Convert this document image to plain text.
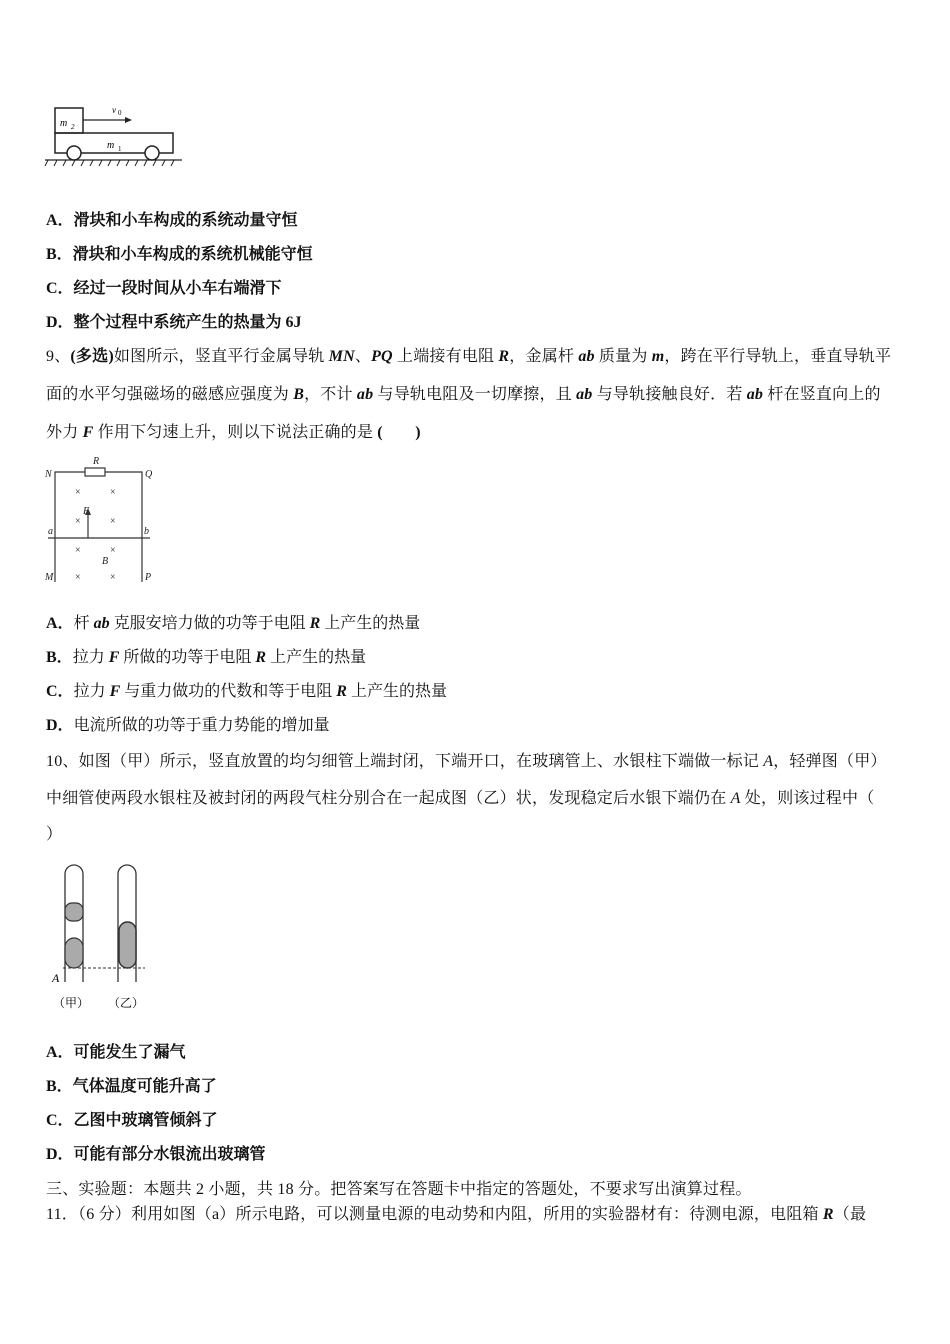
m 2
v 0
m 1
A．滑块和小车构成的系统动量守恒
B．滑块和小车构成的系统机械能守恒
C．经过一段时间从小车右端滑下
D．整个过程中系统产生的热量为 6J
9、(多选)如图所示，竖直平行金属导轨 MN、PQ 上端接有电阻 R，金属杆 ab 质量为 m，跨在平行导轨上，垂直导轨平
面的水平匀强磁场的磁感应强度为 B，不计 ab 与导轨电阻及一切摩擦，且 ab 与导轨接触良好．若 ab 杆在竖直向上的
外力 F 作用下匀速上升，则以下说法正确的是 (　　)
R
N	Q
F
a	b
B
M	P
×	×
×	×
×	×
×	×
A．杆 ab 克服安培力做的功等于电阻 R 上产生的热量
B．拉力 F 所做的功等于电阻 R 上产生的热量
C．拉力 F 与重力做功的代数和等于电阻 R 上产生的热量
D．电流所做的功等于重力势能的增加量
10、如图（甲）所示，竖直放置的均匀细管上端封闭，下端开口，在玻璃管上、水银柱下端做一标记 A，轻弹图（甲）
中细管使两段水银柱及被封闭的两段气柱分别合在一起成图（乙）状，发现稳定后水银下端仍在 A 处，则该过程中（
）
A
（甲） （乙）
A．可能发生了漏气
B．气体温度可能升高了
C．乙图中玻璃管倾斜了
D．可能有部分水银流出玻璃管
三、实验题：本题共 2 小题，共 18 分。把答案写在答题卡中指定的答题处，不要求写出演算过程。
11．（6 分）利用如图（a）所示电路，可以测量电源的电动势和内阻，所用的实验器材有：待测电源，电阻箱 R（最
